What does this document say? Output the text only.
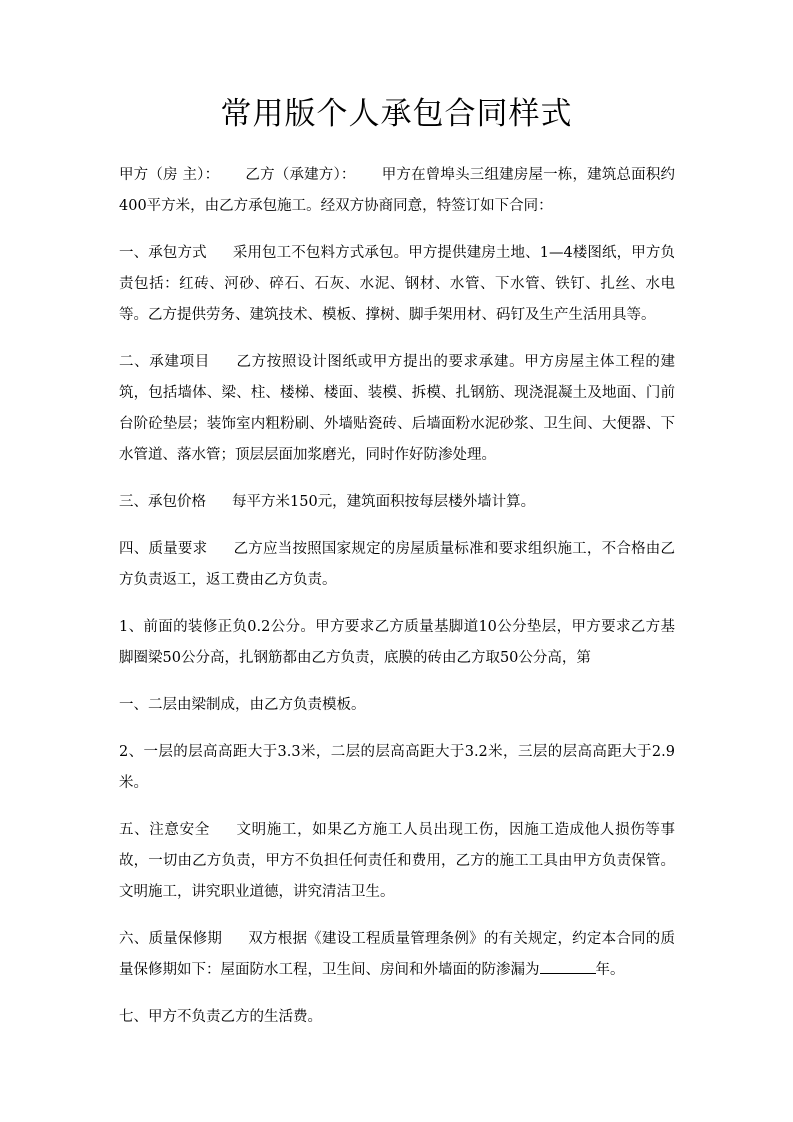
常用版个人承包合同样式

甲方（房 主）： 乙方（承建方）： 甲方在曾埠头三组建房屋一栋，建筑总面积约400平方米，由乙方承包施工。经双方协商同意，特签订如下合同：

一、承包方式 采用包工不包料方式承包。甲方提供建房土地、1—4楼图纸，甲方负责包括：红砖、河砂、碎石、石灰、水泥、钢材、水管、下水管、铁钉、扎丝、水电等。乙方提供劳务、建筑技术、模板、撑树、脚手架用材、码钉及生产生活用具等。

二、承建项目 乙方按照设计图纸或甲方提出的要求承建。甲方房屋主体工程的建筑，包括墙体、梁、柱、楼梯、楼面、装模、拆模、扎钢筋、现浇混凝土及地面、门前台阶砼垫层；装饰室内粗粉刷、外墙贴瓷砖、后墙面粉水泥砂浆、卫生间、大便器、下水管道、落水管；顶层层面加浆磨光，同时作好防渗处理。

三、承包价格 每平方米150元，建筑面积按每层楼外墙计算。

四、质量要求 乙方应当按照国家规定的房屋质量标准和要求组织施工，不合格由乙方负责返工，返工费由乙方负责。

1、前面的装修正负0.2公分。甲方要求乙方质量基脚道10公分垫层，甲方要求乙方基脚圈梁50公分高，扎钢筋都由乙方负责，底膜的砖由乙方取50公分高，第

一、二层由梁制成，由乙方负责模板。

2、一层的层高高距大于3.3米，二层的层高高距大于3.2米，三层的层高高距大于2.9米。

五、注意安全 文明施工，如果乙方施工人员出现工伤，因施工造成他人损伤等事故，一切由乙方负责，甲方不负担任何责任和费用，乙方的施工工具由甲方负责保管。文明施工，讲究职业道德，讲究清洁卫生。

六、质量保修期 双方根据《建设工程质量管理条例》的有关规定，约定本合同的质量保修期如下：屋面防水工程，卫生间、房间和外墙面的防渗漏为	年。

七、甲方不负责乙方的生活费。
